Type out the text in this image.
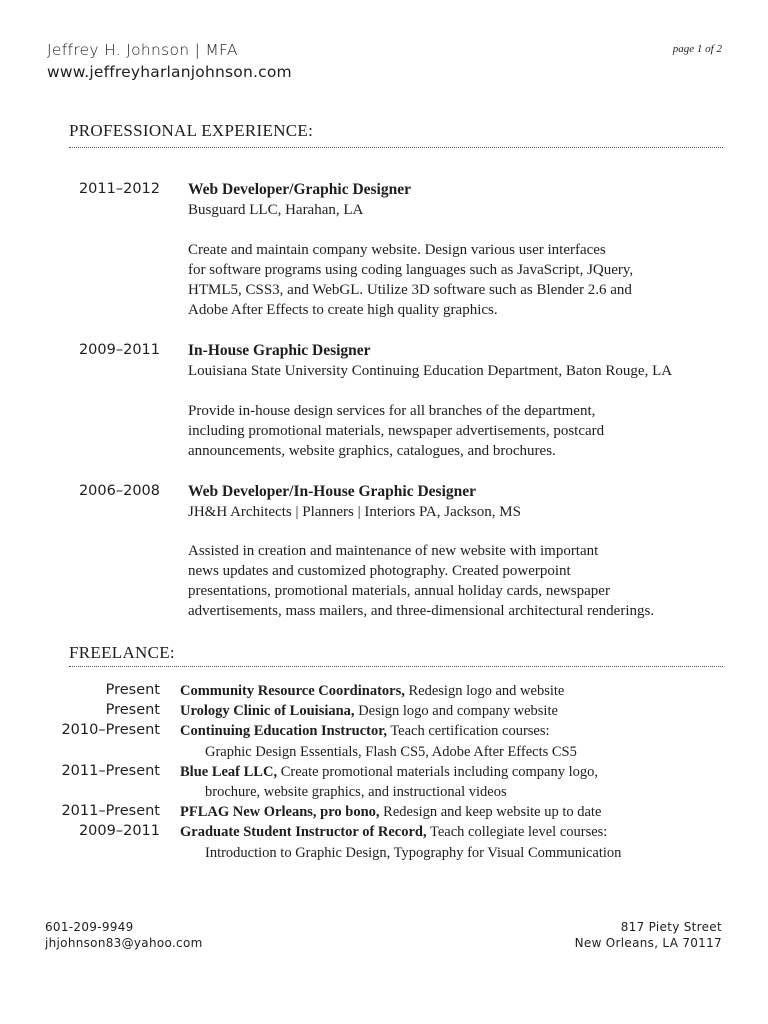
Jeffrey H. Johnson | MFA
www.jeffreyharlanjohnson.com
page 1 of 2
PROFESSIONAL EXPERIENCE:
2011–2012 Web Developer/Graphic Designer
Busguard LLC, Harahan, LA
Create and maintain company website. Design various user interfaces
for software programs using coding languages such as JavaScript, JQuery,
HTML5, CSS3, and WebGL. Utilize 3D software such as Blender 2.6 and
Adobe After Effects to create high quality graphics.
2009–2011 In-House Graphic Designer
Louisiana State University Continuing Education Department, Baton Rouge, LA
Provide in-house design services for all branches of the department,
including promotional materials, newspaper advertisements, postcard
announcements, website graphics, catalogues, and brochures.
2006–2008 Web Developer/In-House Graphic Designer
JH&H Architects | Planners | Interiors PA, Jackson, MS
Assisted in creation and maintenance of new website with important
news updates and customized photography. Created powerpoint
presentations, promotional materials, annual holiday cards, newspaper
advertisements, mass mailers, and three-dimensional architectural renderings.
FREELANCE:
Present Community Resource Coordinators, Redesign logo and website
Present Urology Clinic of Louisiana, Design logo and company website
2010–Present Continuing Education Instructor, Teach certification courses:
Graphic Design Essentials, Flash CS5, Adobe After Effects CS5
2011–Present Blue Leaf LLC, Create promotional materials including company logo,
brochure, website graphics, and instructional videos
2011–Present PFLAG New Orleans, pro bono, Redesign and keep website up to date
2009–2011 Graduate Student Instructor of Record, Teach collegiate level courses:
Introduction to Graphic Design, Typography for Visual Communication
601-209-9949
jhjohnson83@yahoo.com
817 Piety Street
New Orleans, LA 70117
